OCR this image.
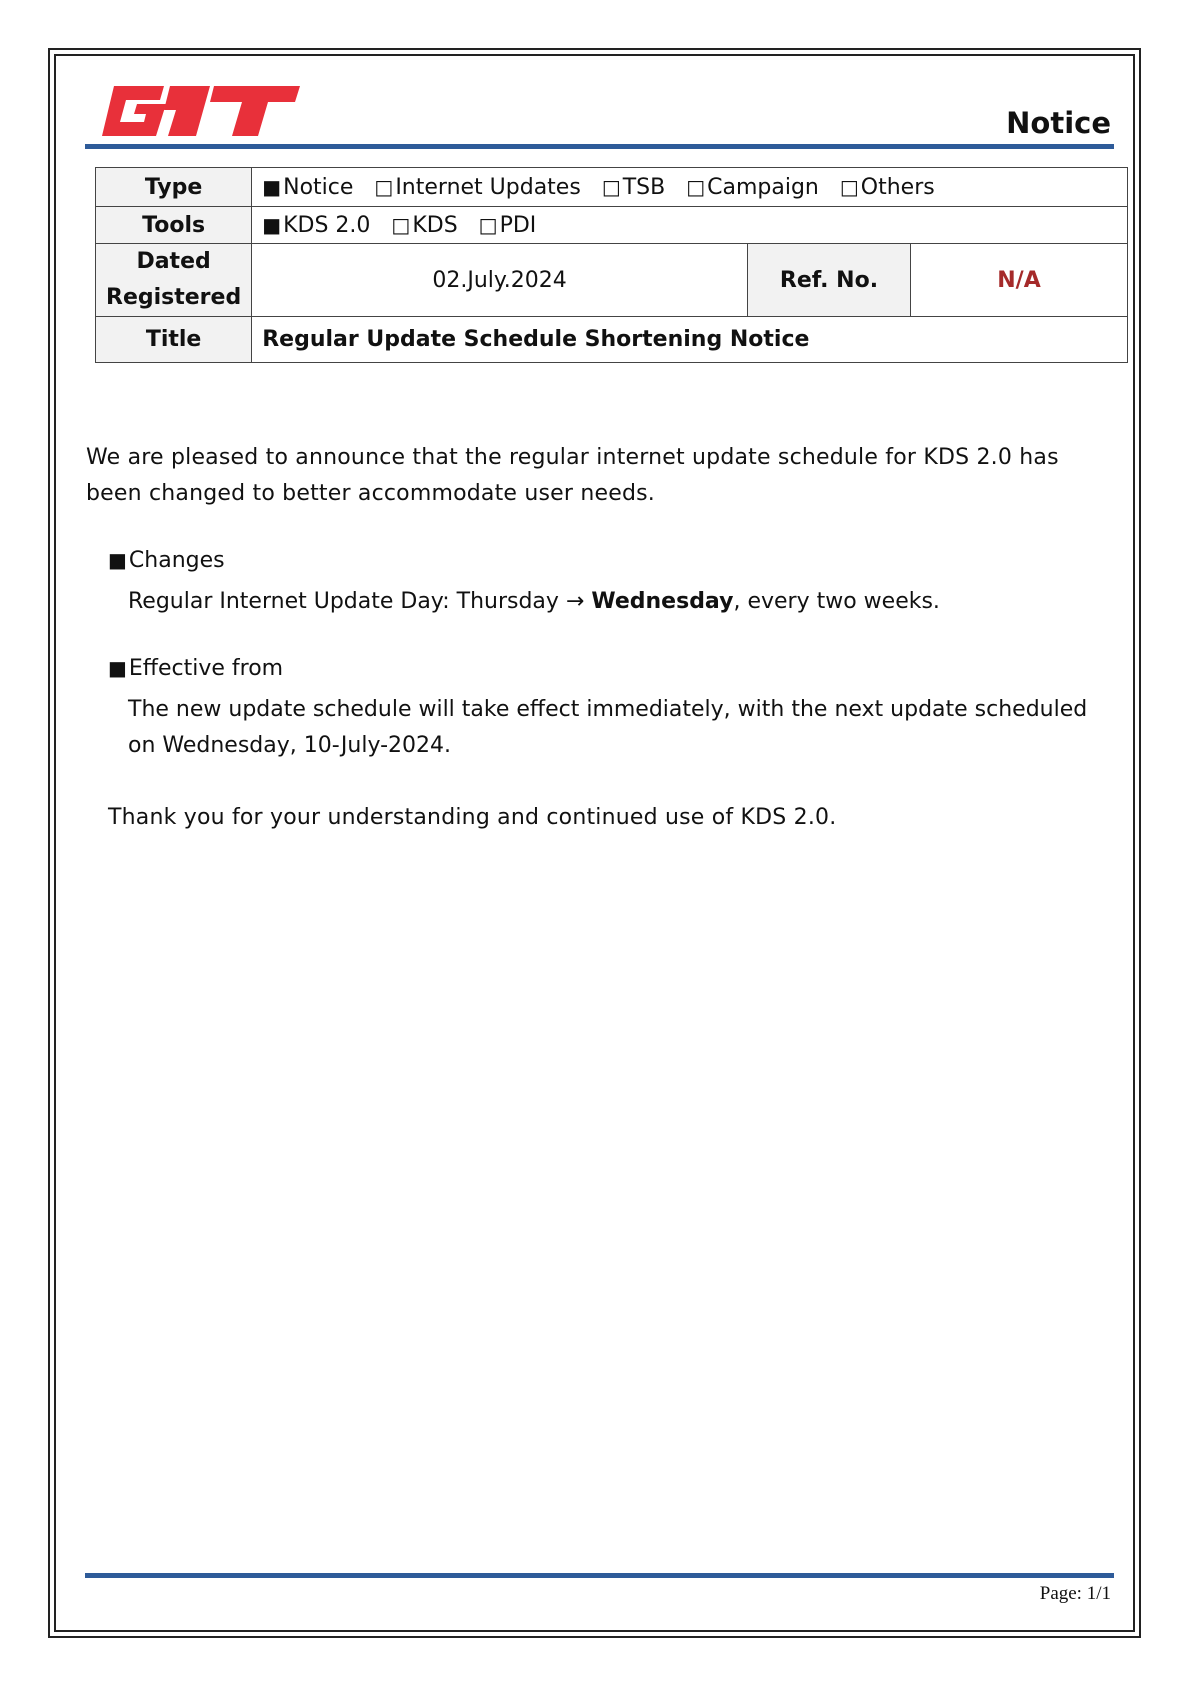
Notice
Type	■Notice □Internet Updates □TSB □Campaign □Others		
Tools	■KDS 2.0 □KDS □PDI		

Dated
Registered	02.July.2024	Ref. No.	N/A
Title	Regular Update Schedule Shortening Notice		
We are pleased to announce that the regular internet update schedule for KDS 2.0 has been changed to better accommodate user needs.
■Changes
Regular Internet Update Day: Thursday → Wednesday, every two weeks.
■Effective from
The new update schedule will take effect immediately, with the next update scheduled on Wednesday, 10-July-2024.
Thank you for your understanding and continued use of KDS 2.0.
Page: 1/1
